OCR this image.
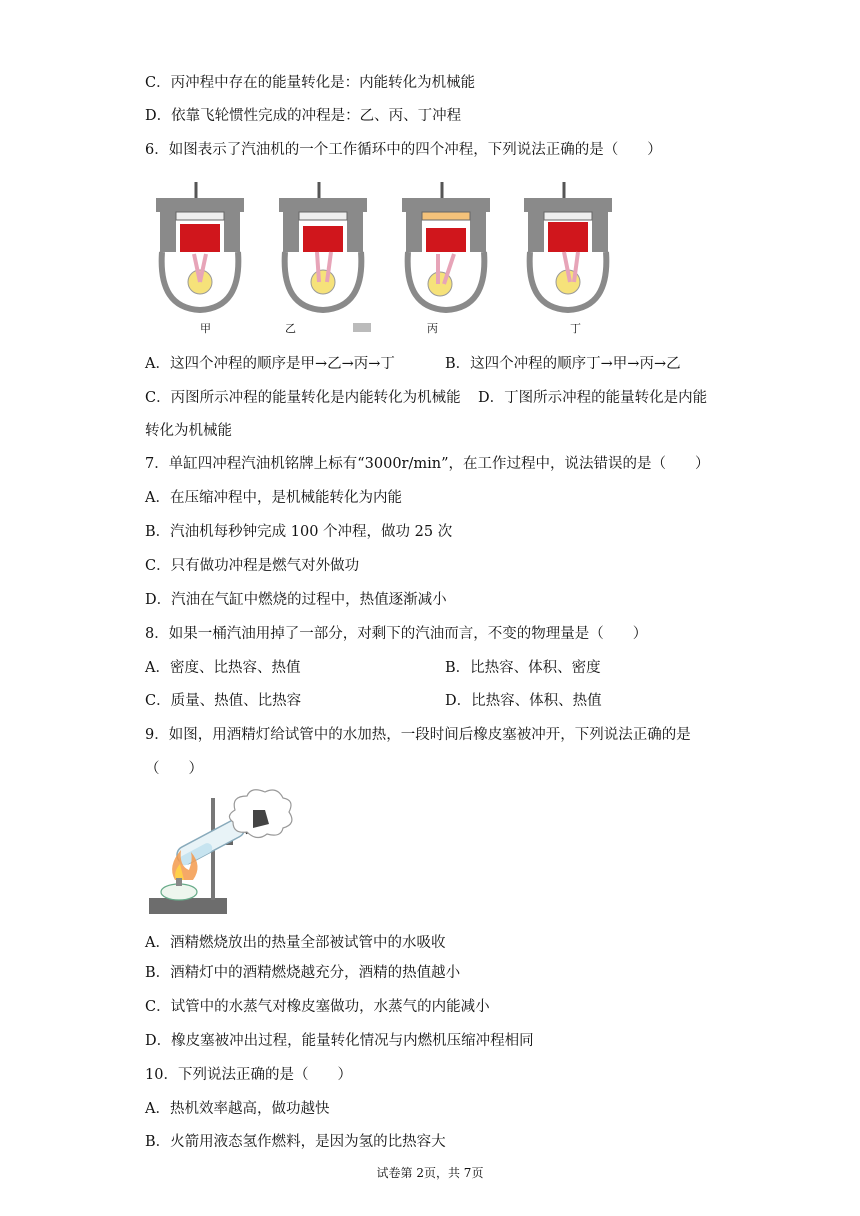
C．丙冲程中存在的能量转化是：内能转化为机械能
D．依靠飞轮惯性完成的冲程是：乙、丙、丁冲程
6．如图表示了汽油机的一个工作循环中的四个冲程，下列说法正确的是（　　）
甲	乙	丙	丁
A．这四个冲程的顺序是甲→乙→丙→丁	B．这四个冲程的顺序丁→甲→丙→乙
C．丙图所示冲程的能量转化是内能转化为机械能 D．丁图所示冲程的能量转化是内能
转化为机械能
7．单缸四冲程汽油机铭牌上标有“3000r/min”，在工作过程中，说法错误的是（　　）
A．在压缩冲程中，是机械能转化为内能
B．汽油机每秒钟完成 100 个冲程，做功 25 次
C．只有做功冲程是燃气对外做功
D．汽油在气缸中燃烧的过程中，热值逐渐减小
8．如果一桶汽油用掉了一部分，对剩下的汽油而言，不变的物理量是（　　）
A．密度、比热容、热值	B．比热容、体积、密度
C．质量、热值、比热容	D．比热容、体积、热值
9．如图，用酒精灯给试管中的水加热，一段时间后橡皮塞被冲开，下列说法正确的是
（　　）
A．酒精燃烧放出的热量全部被试管中的水吸收
B．酒精灯中的酒精燃烧越充分，酒精的热值越小
C．试管中的水蒸气对橡皮塞做功，水蒸气的内能减小
D．橡皮塞被冲出过程，能量转化情况与内燃机压缩冲程相同
10．下列说法正确的是（　　）
A．热机效率越高，做功越快
B．火箭用液态氢作燃料，是因为氢的比热容大
试卷第 2页，共 7页
